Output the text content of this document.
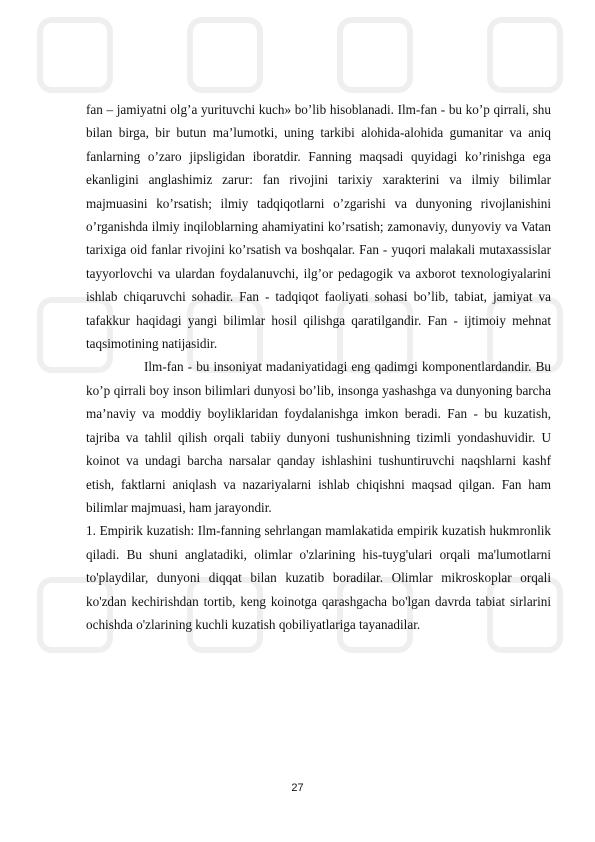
fan – jamiyatni olg’a yurituvchi kuch» bo’lib hisoblanadi. Ilm-fan - bu ko’p qirrali, shu bilan birga, bir butun ma’lumotki, uning tarkibi alohida-alohida gumanitar va aniq fanlarning o’zaro jipsligidan iboratdir. Fanning maqsadi quyidagi ko’rinishga ega ekanligini anglashimiz zarur: fan rivojini tarixiy xarakterini va ilmiy bilimlar majmuasini ko’rsatish; ilmiy tadqiqotlarni o’zgarishi va dunyoning rivojlanishini o’rganishda ilmiy inqiloblarning ahamiyatini ko’rsatish; zamonaviy, dunyoviy va Vatan tarixiga oid fanlar rivojini ko’rsatish va boshqalar. Fan - yuqori malakali mutaxassislar tayyorlovchi va ulardan foydalanuvchi, ilg’or pedagogik va axborot texnologiyalarini ishlab chiqaruvchi sohadir. Fan - tadqiqot faoliyati sohasi bo’lib, tabiat, jamiyat va tafakkur haqidagi yangi bilimlar hosil qilishga qaratilgandir. Fan - ijtimoiy mehnat taqsimotining natijasidir.

Ilm-fan - bu insoniyat madaniyatidagi eng qadimgi komponentlardandir. Bu ko’p qirrali boy inson bilimlari dunyosi bo’lib, insonga yashashga va dunyoning barcha ma’naviy va moddiy boyliklaridan foydalanishga imkon beradi. Fan - bu kuzatish, tajriba va tahlil qilish orqali tabiiy dunyoni tushunishning tizimli yondashuvidir. U koinot va undagi barcha narsalar qanday ishlashini tushuntiruvchi naqshlarni kashf etish, faktlarni aniqlash va nazariyalarni ishlab chiqishni maqsad qilgan. Fan ham bilimlar majmuasi, ham jarayondir.

1. Empirik kuzatish: Ilm-fanning sehrlangan mamlakatida empirik kuzatish hukmronlik qiladi. Bu shuni anglatadiki, olimlar o'zlarining his-tuyg'ulari orqali ma'lumotlarni to'playdilar, dunyoni diqqat bilan kuzatib boradilar. Olimlar mikroskoplar orqali ko'zdan kechirishdan tortib, keng koinotga qarashgacha bo'lgan davrda tabiat sirlarini ochishda o'zlarining kuchli kuzatish qobiliyatlariga tayanadilar.

27
